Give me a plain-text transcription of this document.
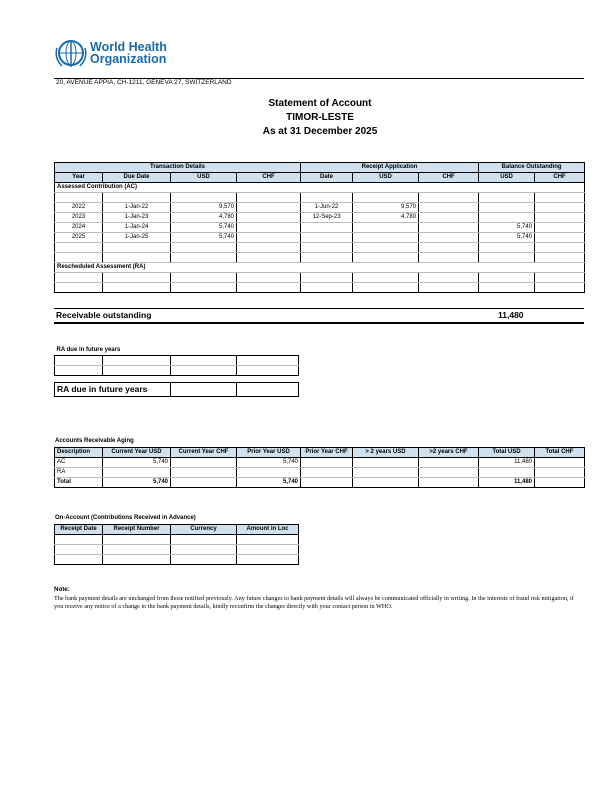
World Health
Organization
20, AVENUE APPIA, CH-1211, GENEVA 27, SWITZERLAND
Statement of Account
TIMOR-LESTE
As at 31 December 2025
Transaction Details				Receipt Application			Balance Outstanding	
Year	Due Date	USD	CHF	Date	USD	CHF	USD	CHF
Assessed Contribution (AC)								

2022	1-Jan-22	9,570		1-Jun-22	9,570			
2023	1-Jan-23	4,780		12-Sep-23	4,780			
2024	1-Jan-24	5,740					5,740	
2025	1-Jan-25	5,740					5,740	

Rescheduled Assessment (RA)								

Receivable outstanding	11,480
RA due in future years			

RA due in future years		
Accounts Receivable Aging
Description	Current Year USD	Current Year CHF	Prior Year USD	Prior Year CHF	> 2 years USD	>2 years CHF	Total USD	Total CHF
AC	5,740		5,740				11,480	
RA								
Total	5,740		5,740				11,480	
On-Account (Contributions Received in Advance)
Receipt Date	Receipt Number	Currency	Amount in Loc

Note:
The bank payment details are unchanged from those notified previously. Any future changes to bank payment details will always be communicated officially in writing. In the interests of fraud risk mitigation, if you receive any notice of a change to the bank payment details, kindly reconfirm the changes directly with your contact person in WHO.
